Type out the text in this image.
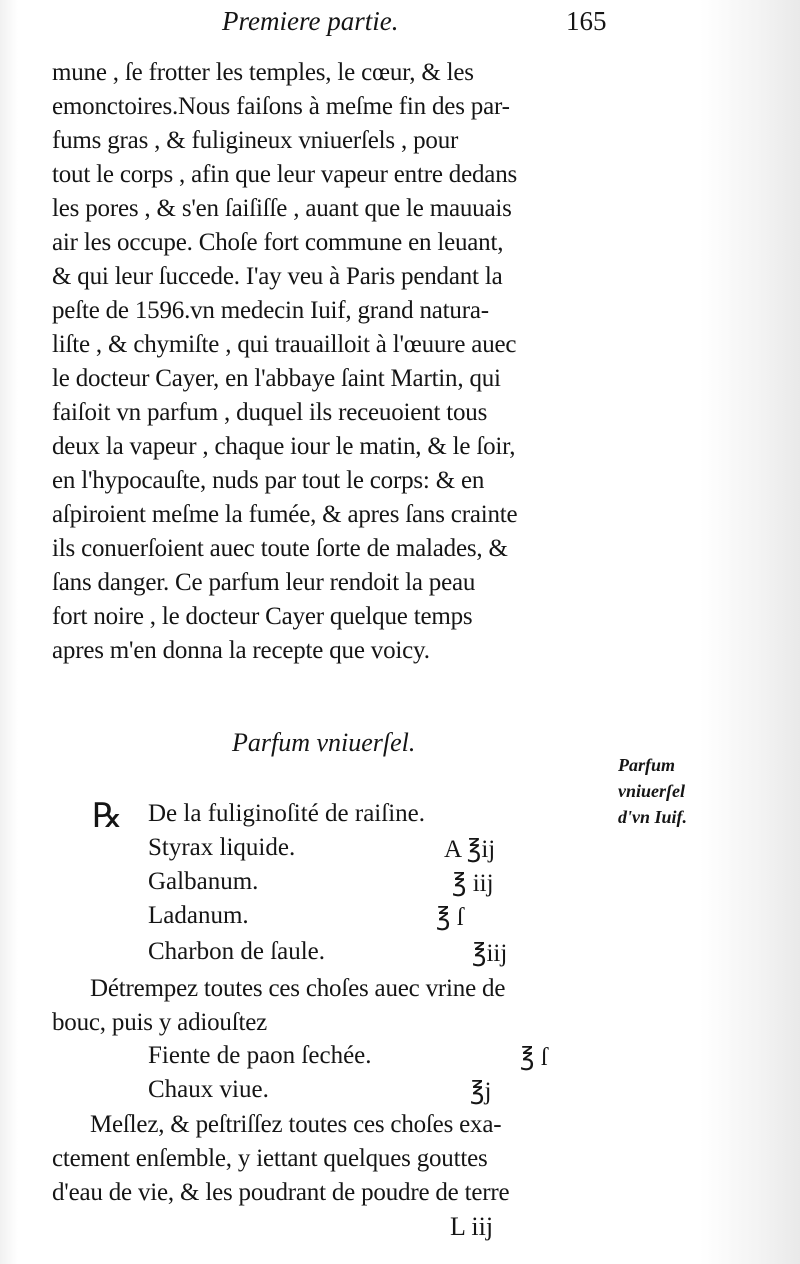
Premiere partie.	165
mune , ſe frotter les temples, le cœur, & les
emonctoires.Nous faiſons à meſme fin des par-
fums gras , & fuligineux vniuerſels , pour
tout le corps , afin que leur vapeur entre dedans
les pores , & s'en ſaiſiſſe , auant que le mauuais
air les occupe. Choſe fort commune en leuant,
& qui leur ſuccede. I'ay veu à Paris pendant la
peſte de 1596.vn medecin Iuif, grand natura-
liſte , & chymiſte , qui trauailloit à l'œuure auec
le docteur Cayer, en l'abbaye ſaint Martin, qui
faiſoit vn parfum , duquel ils receuoient tous
deux la vapeur , chaque iour le matin, & le ſoir,
en l'hypocauſte, nuds par tout le corps: & en
aſpiroient meſme la fumée, & apres ſans crainte
ils conuerſoient auec toute ſorte de malades, &
ſans danger. Ce parfum leur rendoit la peau
fort noire , le docteur Cayer quelque temps
apres m'en donna la recepte que voicy.
Parfum vniuerſel.
Parfum
vniuerſel
d'vn Iuif.
℞ De la fuliginoſité de raiſine.
Styrax liquide.	A ℥ij
Galbanum.	℥ iij
Ladanum.	℥ ſ
Charbon de ſaule.	℥iij
Détrempez toutes ces choſes auec vrine de
bouc, puis y adiouſtez
Fiente de paon ſechée.	℥ ſ
Chaux viue.	℥j
Meſlez, & peſtriſſez toutes ces choſes exa-
ctement enſemble, y iettant quelques gouttes
d'eau de vie, & les poudrant de poudre de terre
L iij
